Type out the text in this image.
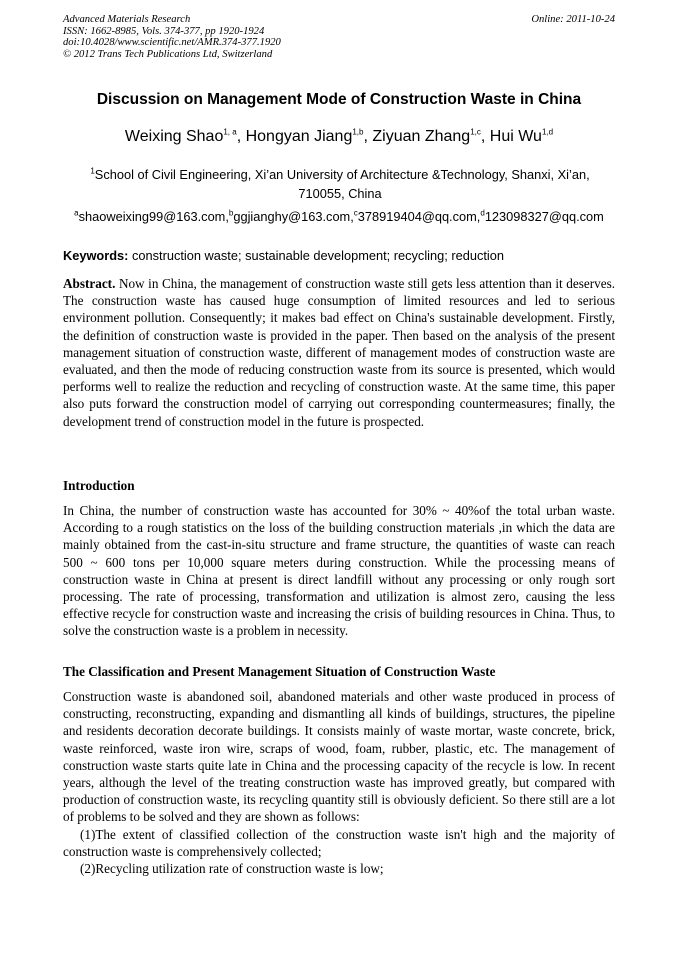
Advanced Materials Research
ISSN: 1662-8985, Vols. 374-377, pp 1920-1924
doi:10.4028/www.scientific.net/AMR.374-377.1920
© 2012 Trans Tech Publications Ltd, Switzerland
Online: 2011-10-24
Discussion on Management Mode of Construction Waste in China
Weixing Shao$^{1, a}$, Hongyan Jiang$^{1,b}$, Ziyuan Zhang$^{1,c}$, Hui Wu$^{1,d}$
$^1$School of Civil Engineering, Xi’an University of Architecture &Technology, Shanxi, Xi’an, 710055, China
$^a$shaoweixing99@163.com,$^b$ggjianghy@163.com,$^c$378919404@qq.com,$^d$123098327@qq.com
Keywords: construction waste; sustainable development; recycling; reduction
Abstract. Now in China, the management of construction waste still gets less attention than it deserves. The construction waste has caused huge consumption of limited resources and led to serious environment pollution. Consequently; it makes bad effect on China's sustainable development. Firstly, the definition of construction waste is provided in the paper. Then based on the analysis of the present management situation of construction waste, different of management modes of construction waste are evaluated, and then the mode of reducing construction waste from its source is presented, which would performs well to realize the reduction and recycling of construction waste. At the same time, this paper also puts forward the construction model of carrying out corresponding countermeasures; finally, the development trend of construction model in the future is prospected.
Introduction

In China, the number of construction waste has accounted for 30% ~ 40%of the total urban waste. According to a rough statistics on the loss of the building construction materials ,in which the data are mainly obtained from the cast-in-situ structure and frame structure, the quantities of waste can reach 500 ~ 600 tons per 10,000 square meters during construction. While the processing means of construction waste in China at present is direct landfill without any processing or only rough sort processing. The rate of processing, transformation and utilization is almost zero, causing the less effective recycle for construction waste and increasing the crisis of building resources in China. Thus, to solve the construction waste is a problem in necessity.

The Classification and Present Management Situation of Construction Waste

Construction waste is abandoned soil, abandoned materials and other waste produced in process of constructing, reconstructing, expanding and dismantling all kinds of buildings, structures, the pipeline and residents decoration decorate buildings. It consists mainly of waste mortar, waste concrete, brick, waste reinforced, waste iron wire, scraps of wood, foam, rubber, plastic, etc. The management of construction waste starts quite late in China and the processing capacity of the recycle is low. In recent years, although the level of the treating construction waste has improved greatly, but compared with production of construction waste, its recycling quantity still is obviously deficient. So there still are a lot of problems to be solved and they are shown as follows:

(1)The extent of classified collection of the construction waste isn't high and the majority of construction waste is comprehensively collected;

(2)Recycling utilization rate of construction waste is low;
